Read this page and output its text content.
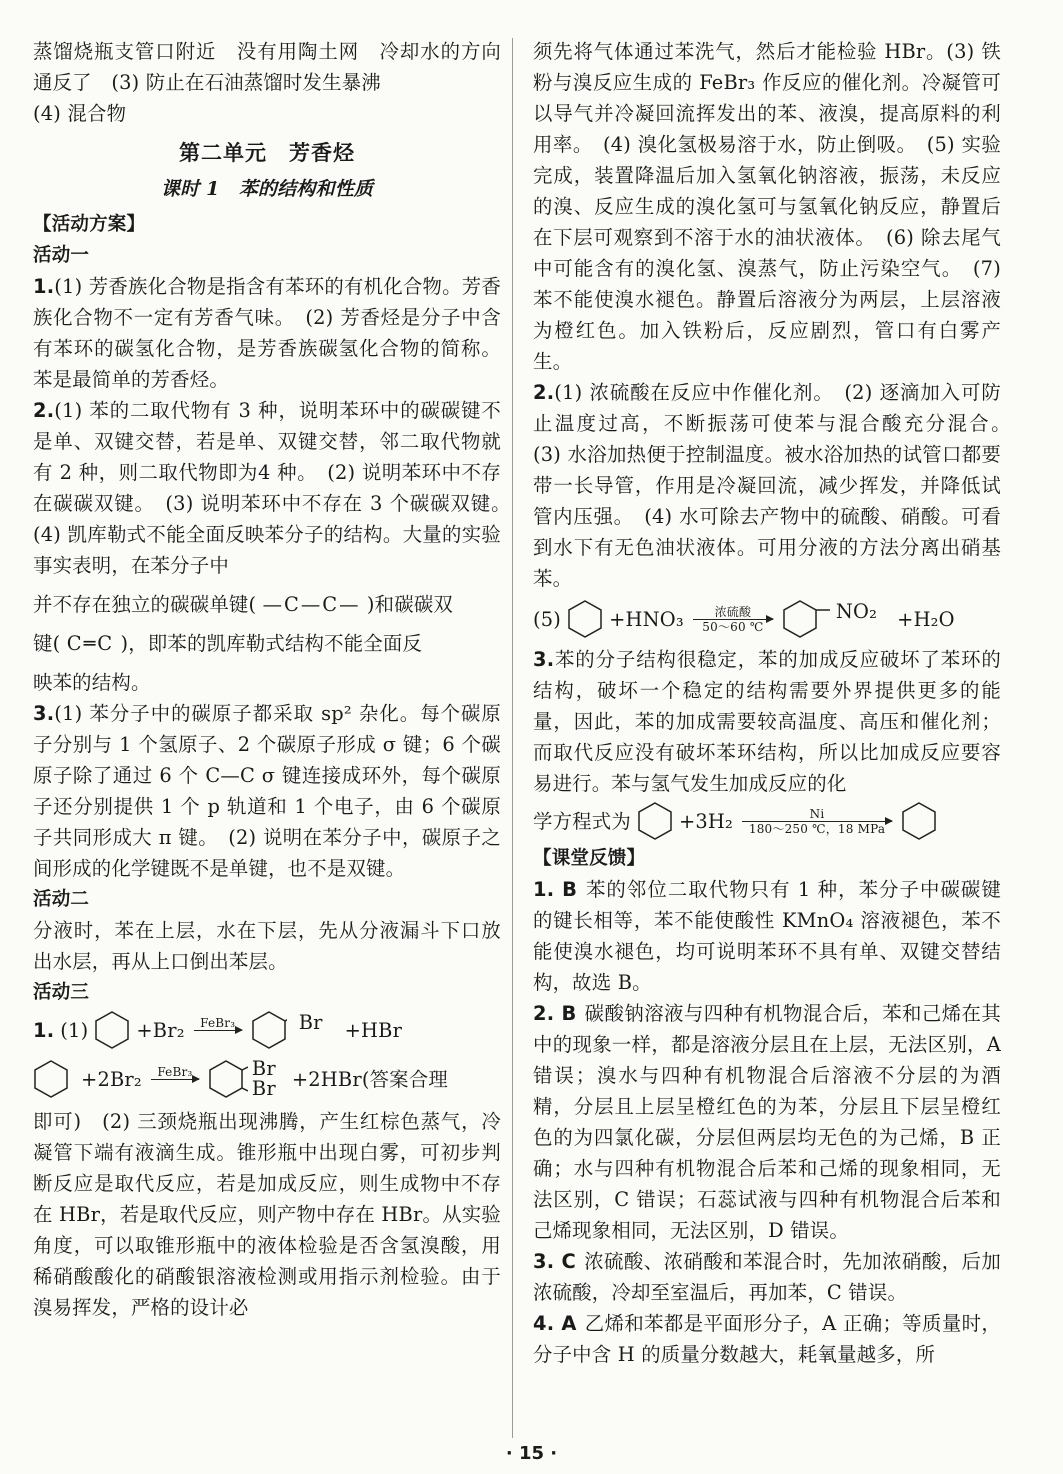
蒸馏烧瓶支管口附近　没有用陶土网　冷却水的方向通反了　(3) 防止在石油蒸馏时发生暴沸

(4) 混合物

第二单元　芳香烃
课时 1　苯的结构和性质
【活动方案】
活动一

1.(1) 芳香族化合物是指含有苯环的有机化合物。芳香族化合物不一定有芳香气味。　(2) 芳香烃是分子中含有苯环的碳氢化合物，是芳香族碳氢化合物的简称。苯是最简单的芳香烃。

2.(1) 苯的二取代物有 3 种，说明苯环中的碳碳键不是单、双键交替，若是单、双键交替，邻二取代物就有 2 种，则二取代物即为4 种。　(2) 说明苯环中不存在碳碳双键。　(3) 说明苯环中不存在 3 个碳碳双键。　(4) 凯库勒式不能全面反映苯分子的结构。大量的实验事实表明，在苯分子中

并不存在独立的碳碳单键( —C—C— )和碳碳双

键( C═C )，即苯的凯库勒式结构不能全面反

映苯的结构。

3.(1) 苯分子中的碳原子都采取 sp² 杂化。每个碳原子分别与 1 个氢原子、2 个碳原子形成 σ 键；6 个碳原子除了通过 6 个 C—C σ 键连接成环外，每个碳原子还分别提供 1 个 p 轨道和 1 个电子，由 6 个碳原子共同形成大 π 键。　(2) 说明在苯分子中，碳原子之间形成的化学键既不是单键，也不是双键。

活动二

分液时，苯在上层，水在下层，先从分液漏斗下口放出水层，再从上口倒出苯层。

活动三
1. (1) +Br₂ FeBr₃
	Br +HBr
+2Br₂ FeBr₃
	Br
Br +2HBr(答案合理

即可)　(2) 三颈烧瓶出现沸腾，产生红棕色蒸气，冷凝管下端有液滴生成。锥形瓶中出现白雾，可初步判断反应是取代反应，若是加成反应，则生成物中不存在 HBr，若是取代反应，则产物中存在 HBr。从实验角度，可以取锥形瓶中的液体检验是否含氢溴酸，用稀硝酸酸化的硝酸银溶液检测或用指示剂检验。由于溴易挥发，严格的设计必

须先将气体通过苯洗气，然后才能检验 HBr。(3) 铁粉与溴反应生成的 FeBr₃ 作反应的催化剂。冷凝管可以导气并冷凝回流挥发出的苯、液溴，提高原料的利用率。　(4) 溴化氢极易溶于水，防止倒吸。　(5) 实验完成，装置降温后加入氢氧化钠溶液，振荡，未反应的溴、反应生成的溴化氢可与氢氧化钠反应，静置后在下层可观察到不溶于水的油状液体。　(6) 除去尾气中可能含有的溴化氢、溴蒸气，防止污染空气。　(7) 苯不能使溴水褪色。静置后溶液分为两层，上层溶液为橙红色。加入铁粉后，反应剧烈，管口有白雾产生。

2.(1) 浓硫酸在反应中作催化剂。　(2) 逐滴加入可防止温度过高，不断振荡可使苯与混合酸充分混合。　(3) 水浴加热便于控制温度。被水浴加热的试管口都要带一长导管，作用是冷凝回流，减少挥发，并降低试管内压强。　(4) 水可除去产物中的硫酸、硝酸。可看到水下有无色油状液体。可用分液的方法分离出硝基苯。

(5) +HNO₃	浓硫酸
50～60 ℃
NO₂ +H₂O

3.苯的分子结构很稳定，苯的加成反应破坏了苯环的结构，破坏一个稳定的结构需要外界提供更多的能量，因此，苯的加成需要较高温度、高压和催化剂；而取代反应没有破坏苯环结构，所以比加成反应要容易进行。苯与氢气发生加成反应的化

学方程式为 +3H₂	Ni
180～250 ℃，18 MPa
【课堂反馈】

1. B 苯的邻位二取代物只有 1 种，苯分子中碳碳键的键长相等，苯不能使酸性 KMnO₄ 溶液褪色，苯不能使溴水褪色，均可说明苯环不具有单、双键交替结构，故选 B。

2. B 碳酸钠溶液与四种有机物混合后，苯和己烯在其中的现象一样，都是溶液分层且在上层，无法区别，A 错误；溴水与四种有机物混合后溶液不分层的为酒精，分层且上层呈橙红色的为苯，分层且下层呈橙红色的为四氯化碳，分层但两层均无色的为己烯，B 正确；水与四种有机物混合后苯和己烯的现象相同，无法区别，C 错误；石蕊试液与四种有机物混合后苯和己烯现象相同，无法区别，D 错误。

3. C 浓硫酸、浓硝酸和苯混合时，先加浓硝酸，后加浓硫酸，冷却至室温后，再加苯，C 错误。

4. A 乙烯和苯都是平面形分子，A 正确；等质量时，分子中含 H 的质量分数越大，耗氧量越多，所

· 15 ·
